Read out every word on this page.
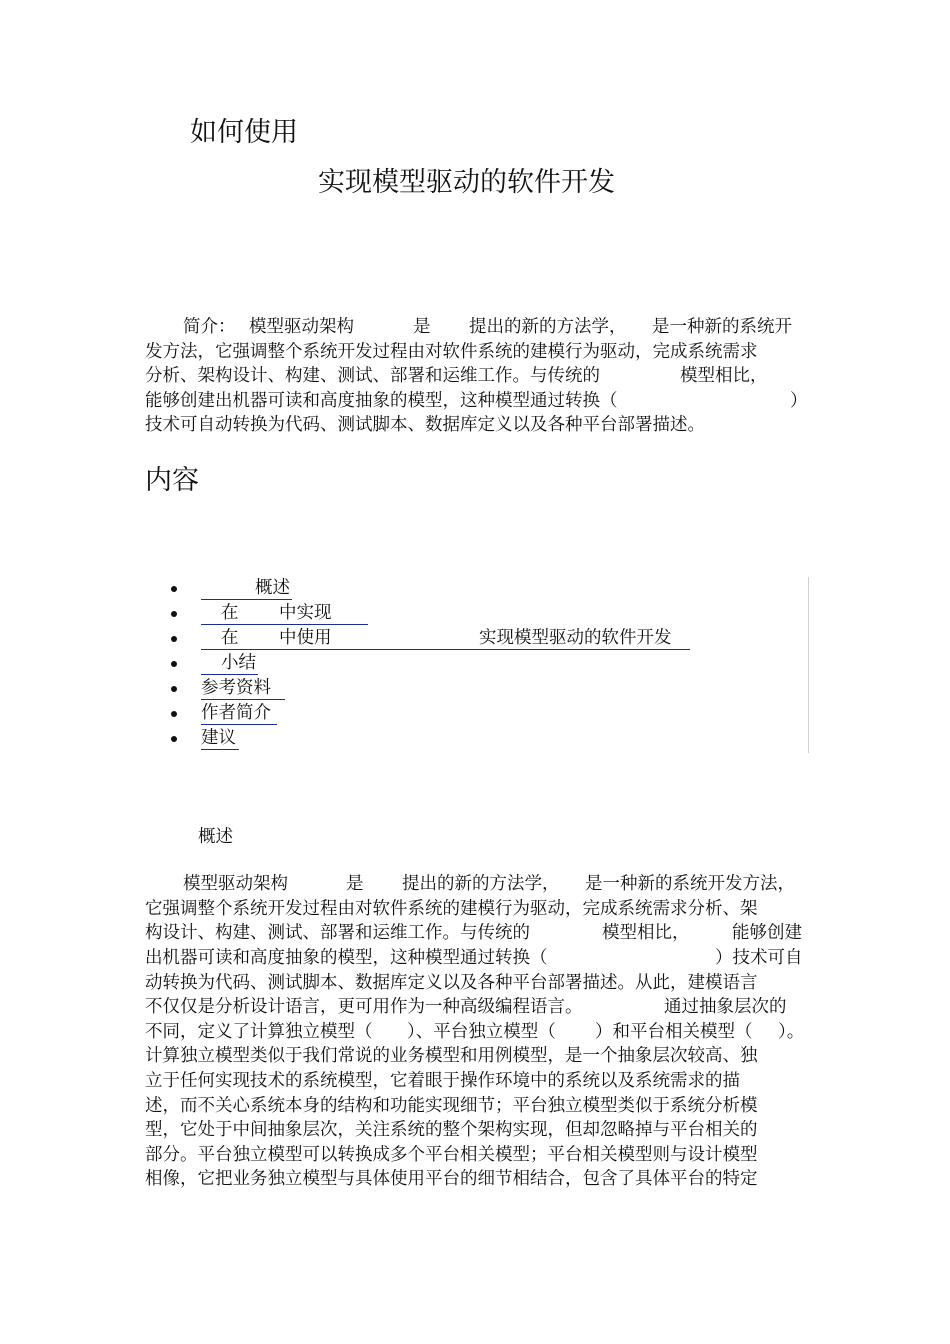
如何使用
实现模型驱动的软件开发
简介： 模型驱动架构	是 提出的新的方法学， 是一种新的系统开
发方法，它强调整个系统开发过程由对软件系统的建模行为驱动，完成系统需求
分析、架构设计、构建、测试、部署和运维工作。与传统的	模型相比，
能够创建出机器可读和高度抽象的模型，这种模型通过转换（	）
技术可自动转换为代码、测试脚本、数据库定义以及各种平台部署描述。
内容
概述
在 中实现
在 中使用	实现模型驱动的软件开发
小结
参考资料
作者简介
建议
概述
模型驱动架构	是 提出的新的方法学， 是一种新的系统开发方法，
它强调整个系统开发过程由对软件系统的建模行为驱动，完成系统需求分析、架
构设计、构建、测试、部署和运维工作。与传统的	模型相比， 能够创建
出机器可读和高度抽象的模型，这种模型通过转换（	）技术可自
动转换为代码、测试脚本、数据库定义以及各种平台部署描述。从此，建模语言
不仅仅是分析设计语言，更可用作为一种高级编程语言。	通过抽象层次的
不同，定义了计算独立模型（ ）、平台独立模型（ ）和平台相关模型（ ）。
计算独立模型类似于我们常说的业务模型和用例模型，是一个抽象层次较高、独
立于任何实现技术的系统模型，它着眼于操作环境中的系统以及系统需求的描
述，而不关心系统本身的结构和功能实现细节；平台独立模型类似于系统分析模
型，它处于中间抽象层次，关注系统的整个架构实现，但却忽略掉与平台相关的
部分。平台独立模型可以转换成多个平台相关模型；平台相关模型则与设计模型
相像，它把业务独立模型与具体使用平台的细节相结合，包含了具体平台的特定
